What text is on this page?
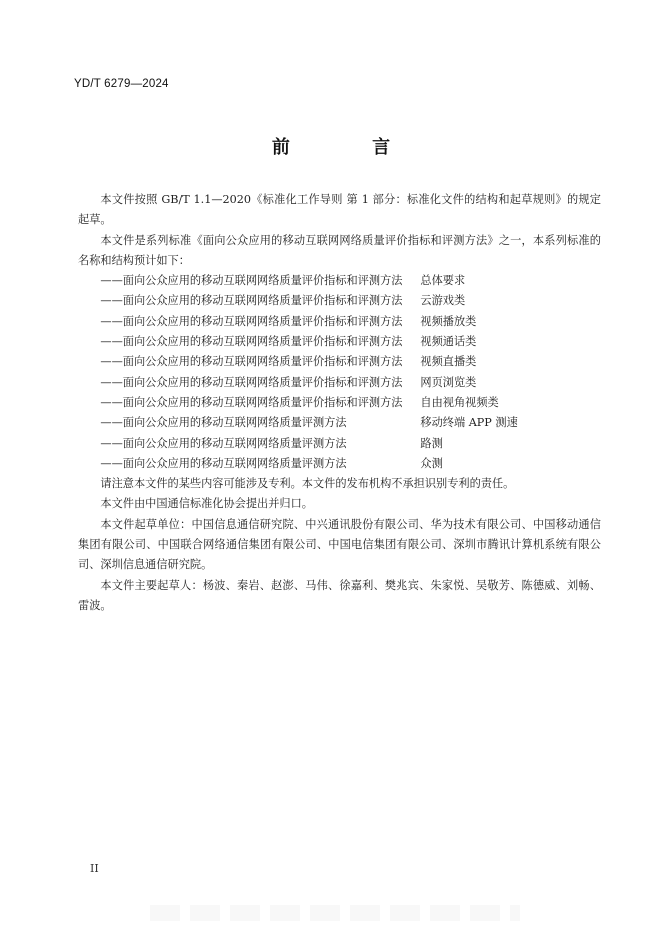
YD/T 6279—2024
前 言

本文件按照 GB/T 1.1—2020《标准化工作导则 第 1 部分：标准化文件的结构和起草规则》的规定起草。

本文件是系列标准《面向公众应用的移动互联网网络质量评价指标和评测方法》之一，本系列标准的名称和结构预计如下：

——面向公众应用的移动互联网网络质量评价指标和评测方法 总体要求
——面向公众应用的移动互联网网络质量评价指标和评测方法 云游戏类
——面向公众应用的移动互联网网络质量评价指标和评测方法 视频播放类
——面向公众应用的移动互联网网络质量评价指标和评测方法 视频通话类
——面向公众应用的移动互联网网络质量评价指标和评测方法 视频直播类
——面向公众应用的移动互联网网络质量评价指标和评测方法 网页浏览类
——面向公众应用的移动互联网网络质量评价指标和评测方法 自由视角视频类
——面向公众应用的移动互联网网络质量评测方法	移动终端 APP 测速
——面向公众应用的移动互联网网络质量评测方法	路测
——面向公众应用的移动互联网网络质量评测方法	众测

请注意本文件的某些内容可能涉及专利。本文件的发布机构不承担识别专利的责任。

本文件由中国通信标准化协会提出并归口。

本文件起草单位：中国信息通信研究院、中兴通讯股份有限公司、华为技术有限公司、中国移动通信集团有限公司、中国联合网络通信集团有限公司、中国电信集团有限公司、深圳市腾讯计算机系统有限公司、深圳信息通信研究院。

本文件主要起草人：杨波、秦岩、赵澎、马伟、徐嘉利、樊兆宾、朱家悦、吴敬芳、陈德威、刘畅、雷波。

II
